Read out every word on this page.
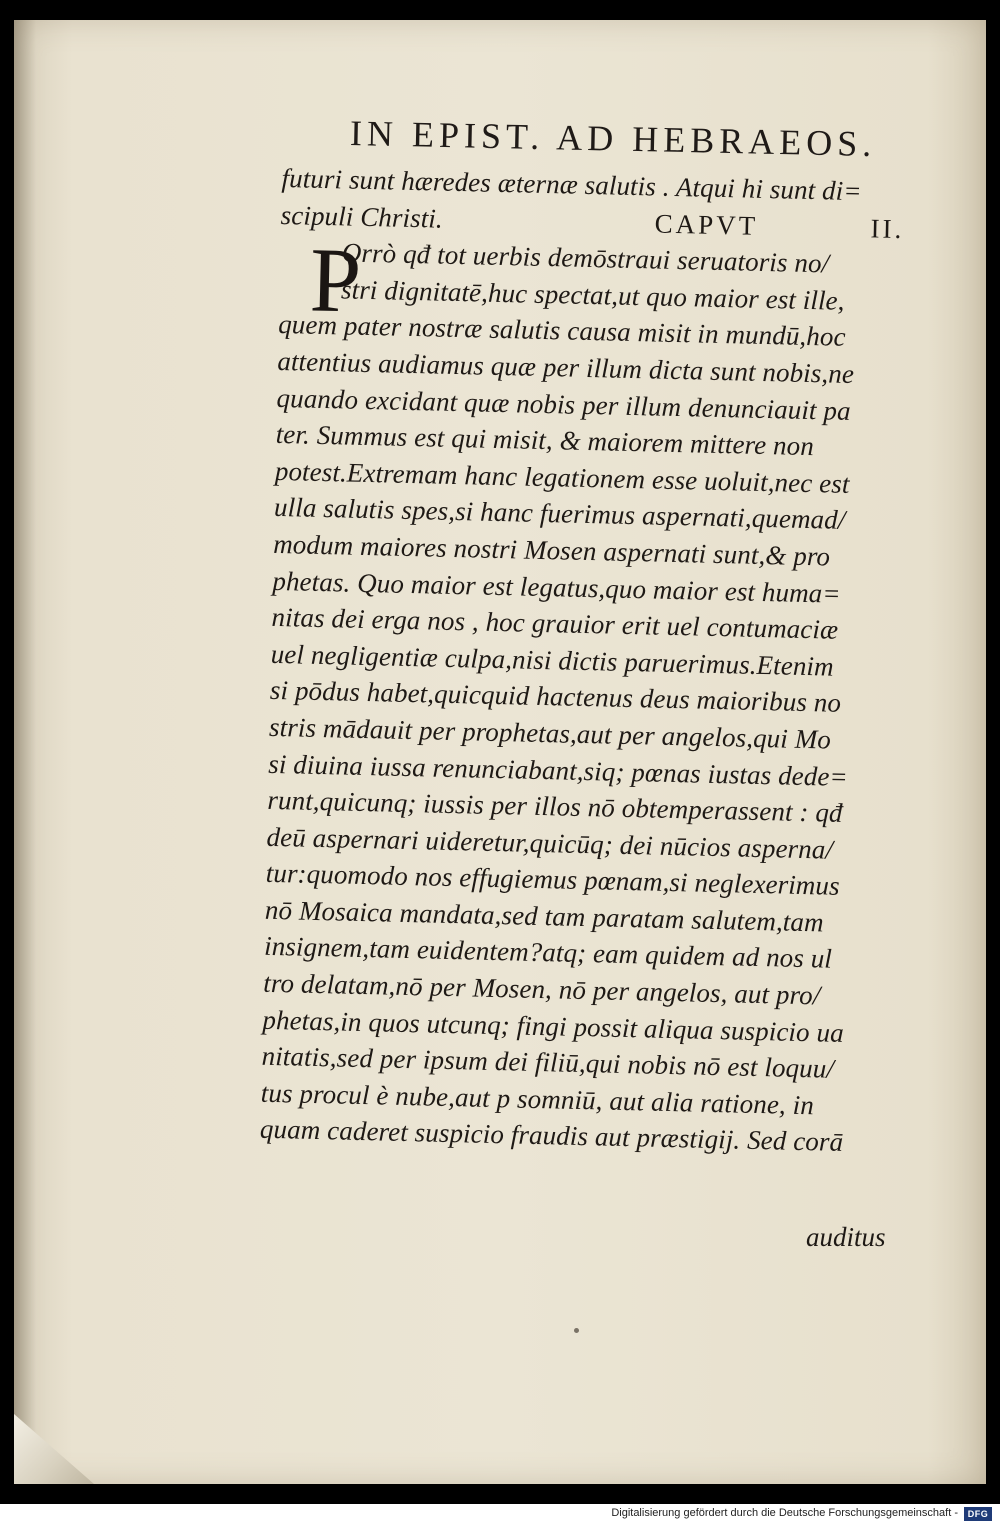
IN EPIST. AD HEBRAEOS.
futuri sunt hæredes æternæ salutis . Atqui hi sunt di=
scipuli Christi.	CAPVT	II.
Orrò qđ tot uerbis demōstraui seruatoris no/
stri dignitatē,huc spectat,ut quo maior est ille,
quem pater nostræ salutis causa misit in mundū,hoc
attentius audiamus quæ per illum dicta sunt nobis,ne
quando excidant quæ nobis per illum denunciauit pa
ter. Summus est qui misit, & maiorem mittere non
potest.Extremam hanc legationem esse uoluit,nec est
ulla salutis spes,si hanc fuerimus aspernati,quemad/
modum maiores nostri Mosen aspernati sunt,& pro
phetas. Quo maior est legatus,quo maior est huma=
nitas dei erga nos , hoc grauior erit uel contumaciæ
uel negligentiæ culpa,nisi dictis paruerimus.Etenim
si pōdus habet,quicquid hactenus deus maioribus no
stris mādauit per prophetas,aut per angelos,qui Mo
si diuina iussa renunciabant,siq; pœnas iustas dede=
runt,quicunq; iussis per illos nō obtemperassent : qđ
deū aspernari uideretur,quicūq; dei nūcios asperna/
tur:quomodo nos effugiemus pœnam,si neglexerimus
nō Mosaica mandata,sed tam paratam salutem,tam
insignem,tam euidentem?atq; eam quidem ad nos ul
tro delatam,nō per Mosen, nō per angelos, aut pro/
phetas,in quos utcunq; fingi possit aliqua suspicio ua
nitatis,sed per ipsum dei filiū,qui nobis nō est loquu/
tus procul è nube,aut p somniū, aut alia ratione, in
quam caderet suspicio fraudis aut præstigij. Sed corā
P
auditus
Digitalisierung gefördert durch die Deutsche Forschungsgemeinschaft -	DFG
